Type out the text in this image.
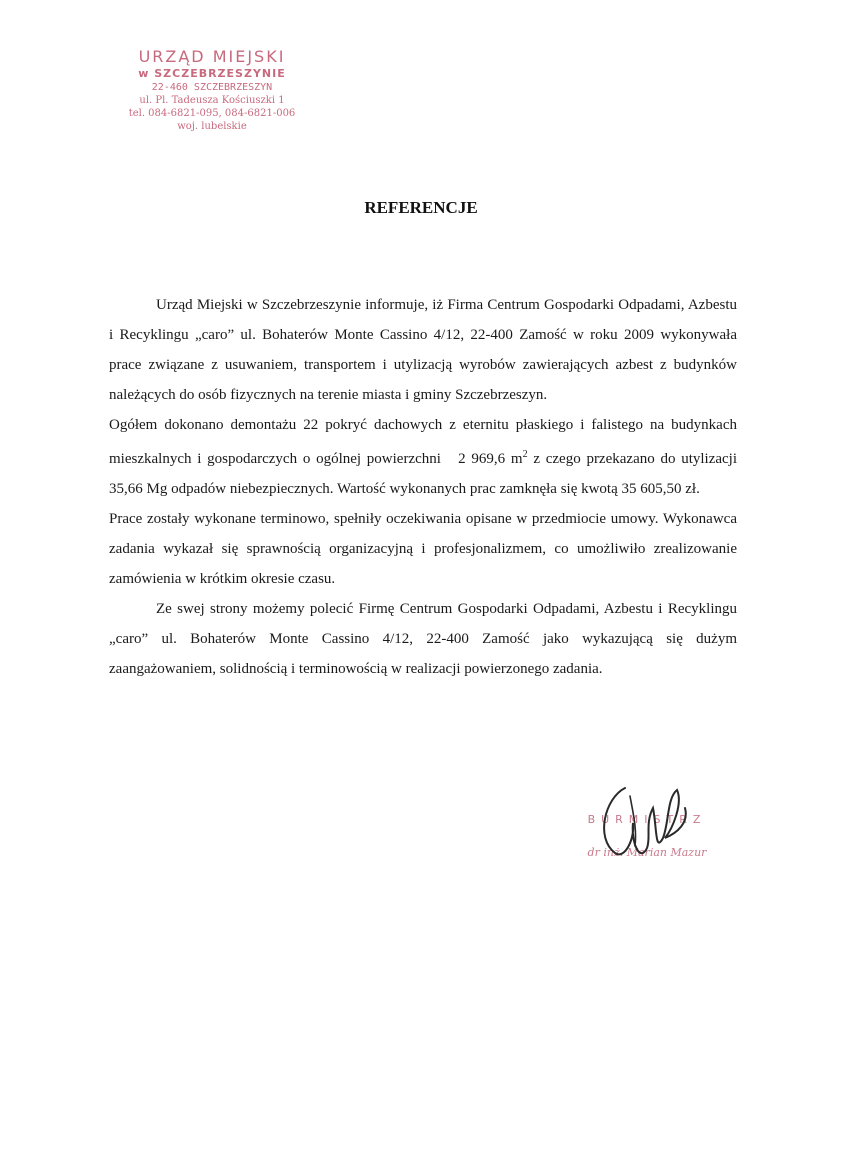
URZĄD MIEJSKI
w SZCZEBRZESZYNIE
22-460 SZCZEBRZESZYN
ul. Pl. Tadeusza Kościuszki 1
tel. 084-6821-095, 084-6821-006
woj. lubelskie
REFERENCJE

Urząd Miejski w Szczebrzeszynie informuje, iż Firma Centrum Gospodarki Odpadami, Azbestu i Recyklingu „caro” ul. Bohaterów Monte Cassino 4/12, 22-400 Zamość w roku 2009 wykonywała prace związane z usuwaniem, transportem i utylizacją wyrobów zawierających azbest z budynków należących do osób fizycznych na terenie miasta i gminy Szczebrzeszyn.

Ogółem dokonano demontażu 22 pokryć dachowych z eternitu płaskiego i falistego na budynkach mieszkalnych i gospodarczych o ogólnej powierzchni 2 969,6 $m^2$ z czego przekazano do utylizacji 35,66 Mg odpadów niebezpiecznych. Wartość wykonanych prac zamknęła się kwotą 35 605,50 zł.

Prace zostały wykonane terminowo, spełniły oczekiwania opisane w przedmiocie umowy. Wykonawca zadania wykazał się sprawnością organizacyjną i profesjonalizmem, co umożliwiło zrealizowanie zamówienia w krótkim okresie czasu.

Ze swej strony możemy polecić Firmę Centrum Gospodarki Odpadami, Azbestu i Recyklingu „caro” ul. Bohaterów Monte Cassino 4/12, 22-400 Zamość jako wykazującą się dużym zaangażowaniem, solidnością i terminowością w realizacji powierzonego zadania.

BURMISTRZ
dr inż. Marian Mazur
